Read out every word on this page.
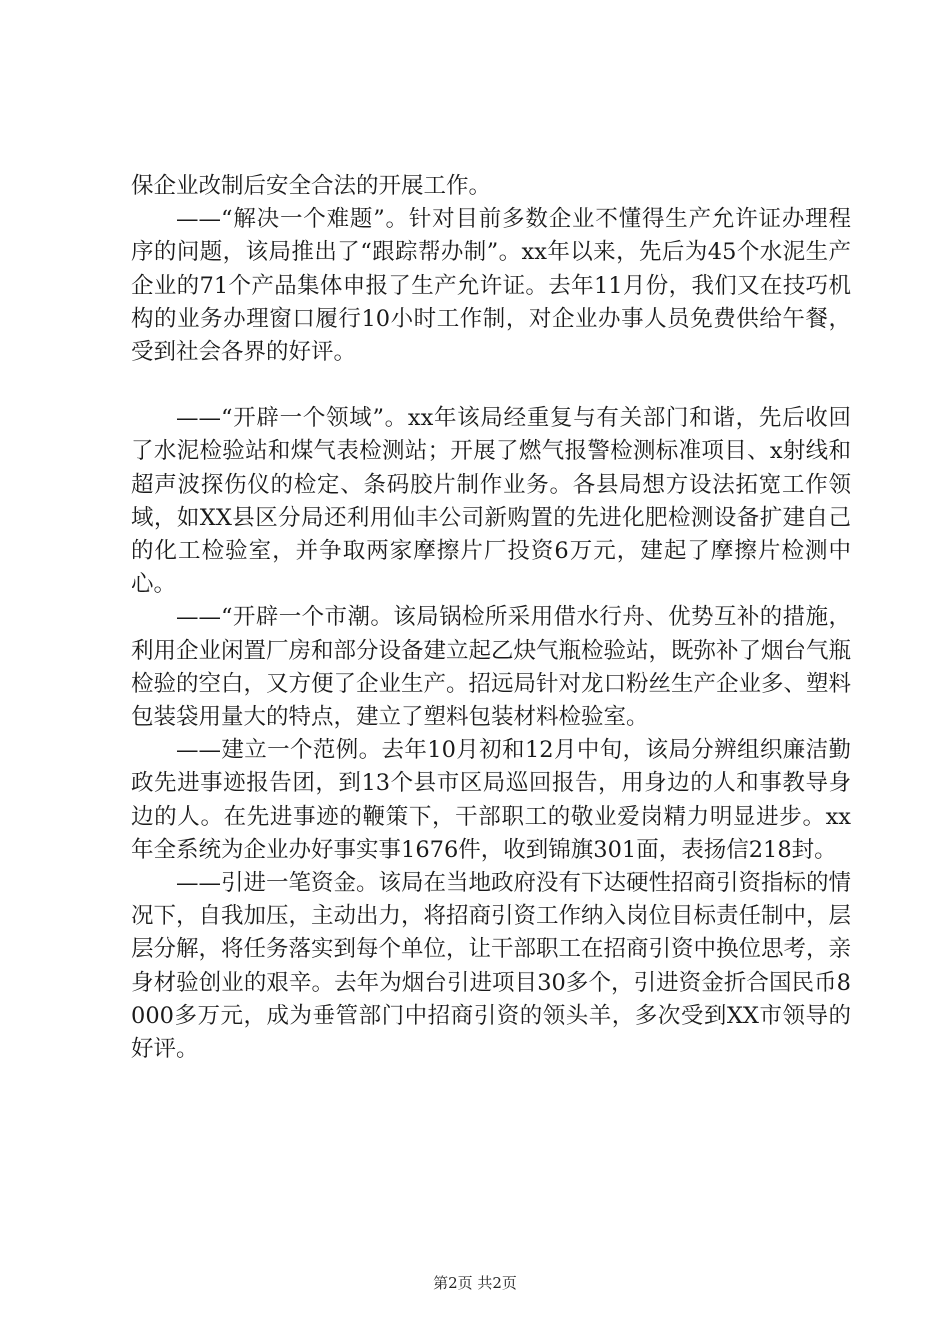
保企业改制后安全合法的开展工作。

——“解决一个难题”。针对目前多数企业不懂得生产允许证办理程序的问题，该局推出了“跟踪帮办制”。xx年以来，先后为45个水泥生产企业的71个产品集体申报了生产允许证。去年11月份，我们又在技巧机构的业务办理窗口履行10小时工作制，对企业办事人员免费供给午餐，受到社会各界的好评。

——“开辟一个领域”。xx年该局经重复与有关部门和谐，先后收回了水泥检验站和煤气表检测站；开展了燃气报警检测标准项目、x射线和超声波探伤仪的检定、条码胶片制作业务。各县局想方设法拓宽工作领域，如XX县区分局还利用仙丰公司新购置的先进化肥检测设备扩建自己的化工检验室，并争取两家摩擦片厂投资6万元，建起了摩擦片检测中心。

——“开辟一个市潮。该局锅检所采用借水行舟、优势互补的措施，利用企业闲置厂房和部分设备建立起乙炔气瓶检验站，既弥补了烟台气瓶检验的空白，又方便了企业生产。招远局针对龙口粉丝生产企业多、塑料包装袋用量大的特点，建立了塑料包装材料检验室。

——建立一个范例。去年10月初和12月中旬，该局分辨组织廉洁勤政先进事迹报告团，到13个县市区局巡回报告，用身边的人和事教导身边的人。在先进事迹的鞭策下，干部职工的敬业爱岗精力明显进步。xx年全系统为企业办好事实事1676件，收到锦旗301面，表扬信218封。

——引进一笔资金。该局在当地政府没有下达硬性招商引资指标的情况下，自我加压，主动出力，将招商引资工作纳入岗位目标责任制中，层层分解，将任务落实到每个单位，让干部职工在招商引资中换位思考，亲身材验创业的艰辛。去年为烟台引进项目30多个，引进资金折合国民币8000多万元，成为垂管部门中招商引资的领头羊，多次受到XX市领导的好评。

第2页 共2页
